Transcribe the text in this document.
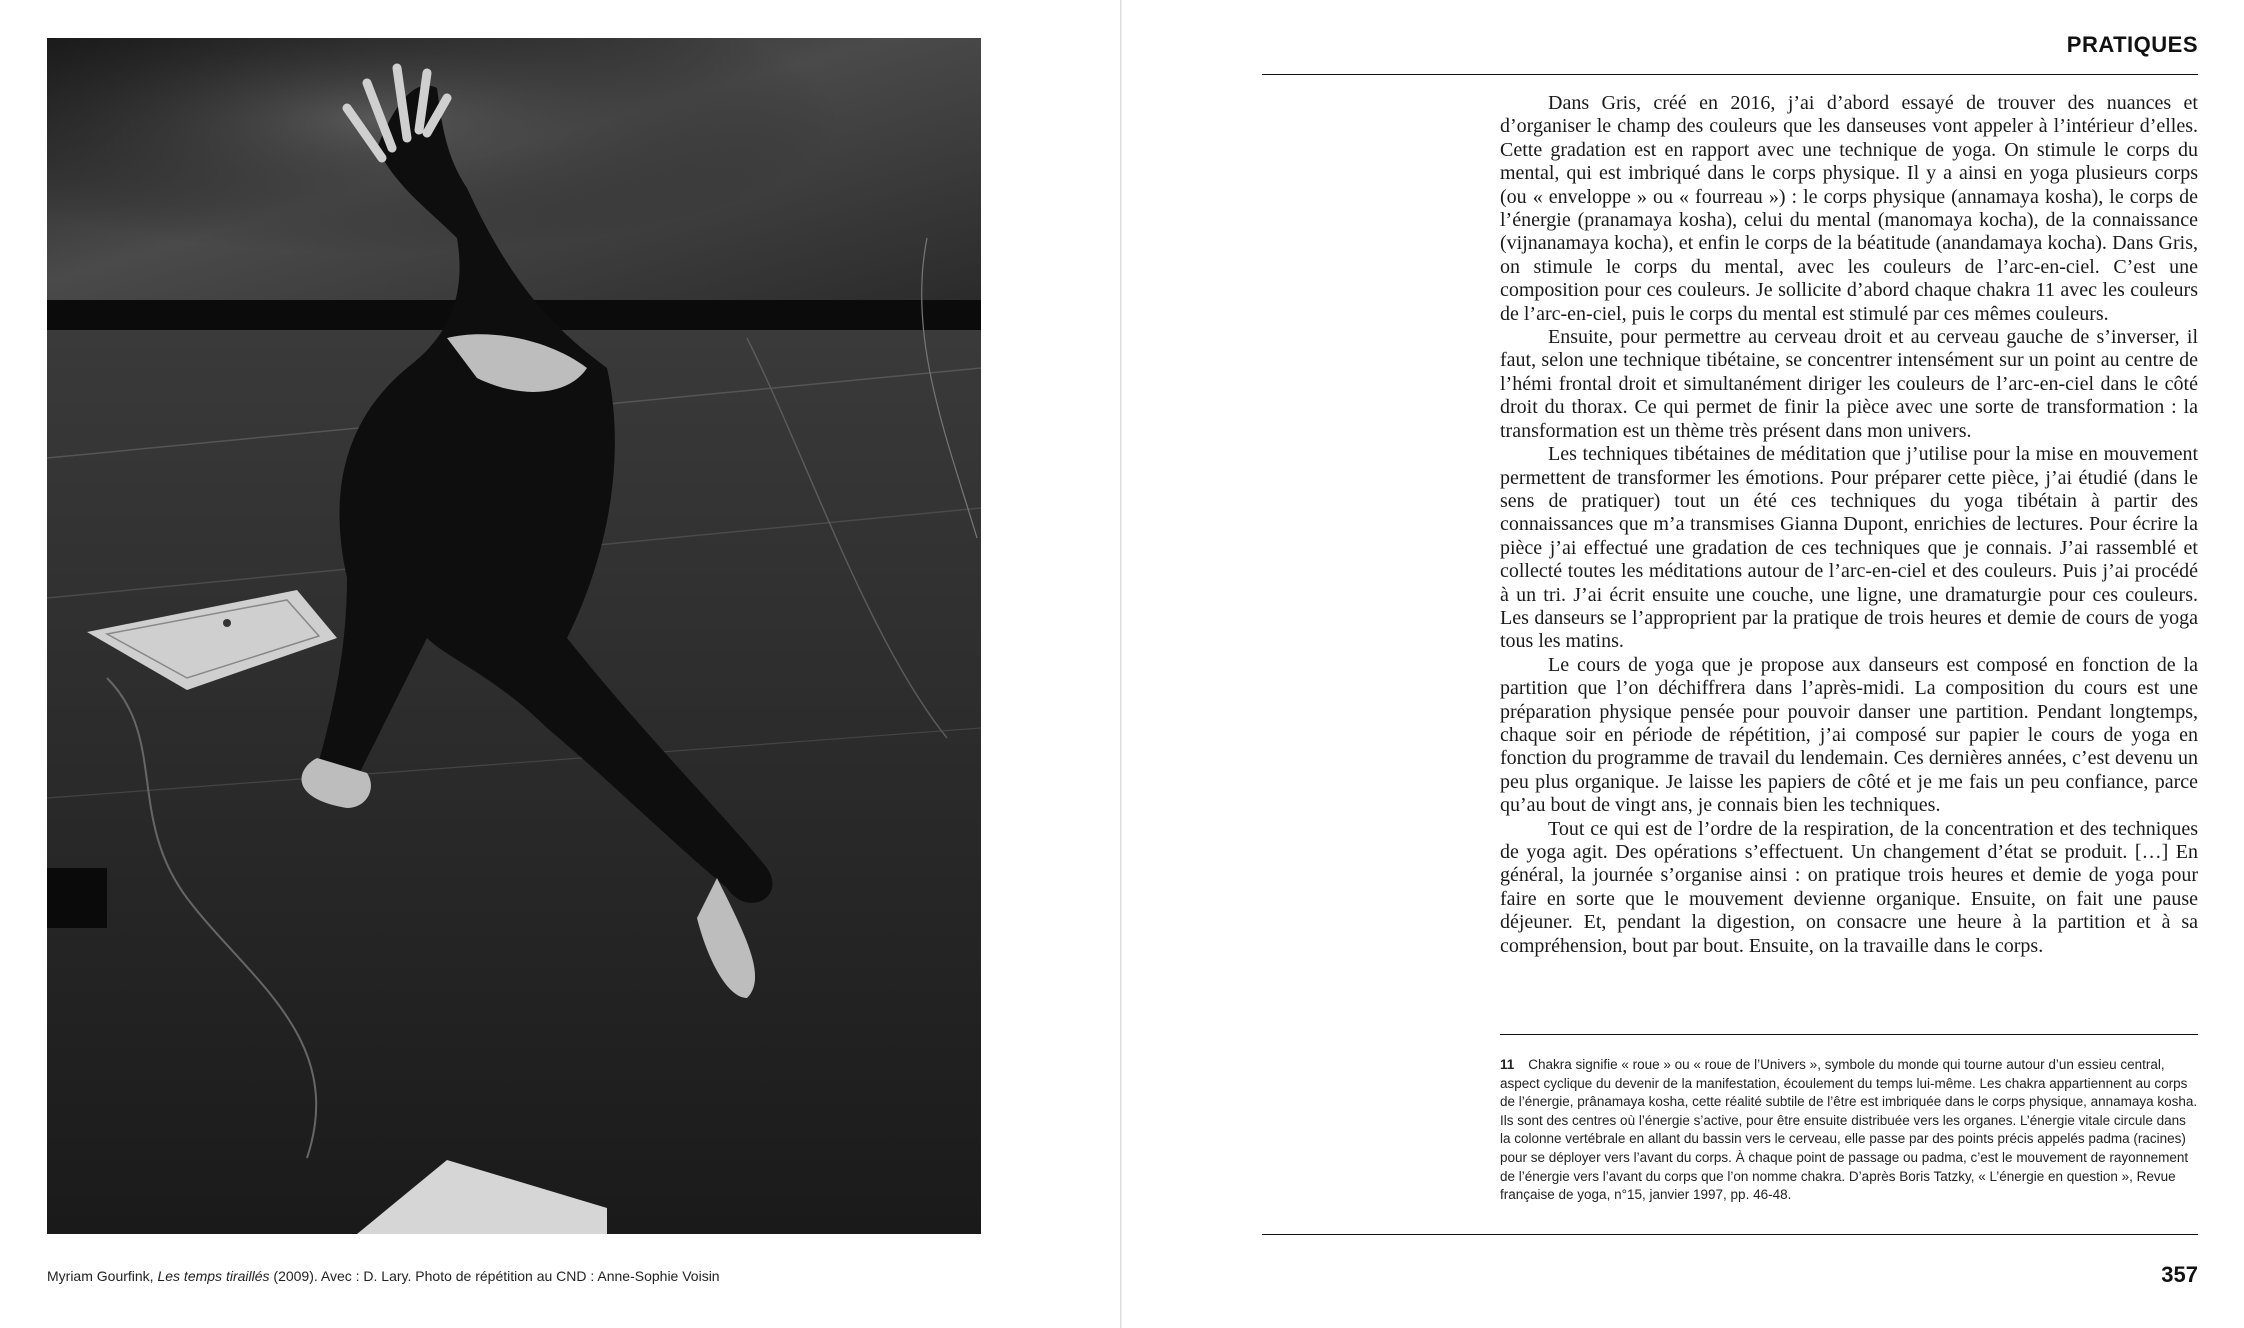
Myriam Gourfink, Les temps tiraillés (2009). Avec : D. Lary. Photo de répétition au CND : Anne-Sophie Voisin
PRATIQUES

Dans Gris, créé en 2016, j’ai d’abord essayé de trouver des nuances et d’organiser le champ des couleurs que les danseuses vont appeler à l’intérieur d’elles. Cette gradation est en rapport avec une technique de yoga. On stimule le corps du mental, qui est imbriqué dans le corps physique. Il y a ainsi en yoga plusieurs corps (ou « enveloppe » ou « fourreau ») : le corps physique (annamaya kosha), le corps de l’énergie (pranamaya kosha), celui du mental (manomaya kocha), de la connaissance (vijnanamaya kocha), et enfin le corps de la béatitude (anandamaya kocha). Dans Gris, on stimule le corps du mental, avec les couleurs de l’arc-en-ciel. C’est une composition pour ces couleurs. Je sollicite d’abord chaque chakra 11 avec les couleurs de l’arc-en-ciel, puis le corps du mental est stimulé par ces mêmes couleurs.

Ensuite, pour permettre au cerveau droit et au cerveau gauche de s’inverser, il faut, selon une technique tibétaine, se concentrer intensément sur un point au centre de l’hémi frontal droit et simultanément diriger les couleurs de l’arc-en-ciel dans le côté droit du thorax. Ce qui permet de finir la pièce avec une sorte de transformation : la transformation est un thème très présent dans mon univers.

Les techniques tibétaines de méditation que j’utilise pour la mise en mouvement permettent de transformer les émotions. Pour préparer cette pièce, j’ai étudié (dans le sens de pratiquer) tout un été ces techniques du yoga tibétain à partir des connaissances que m’a transmises Gianna Dupont, enrichies de lectures. Pour écrire la pièce j’ai effectué une gradation de ces techniques que je connais. J’ai rassemblé et collecté toutes les méditations autour de l’arc-en-ciel et des couleurs. Puis j’ai procédé à un tri. J’ai écrit ensuite une couche, une ligne, une dramaturgie pour ces couleurs. Les danseurs se l’approprient par la pratique de trois heures et demie de cours de yoga tous les matins.

Le cours de yoga que je propose aux danseurs est composé en fonction de la partition que l’on déchiffrera dans l’après-midi. La composition du cours est une préparation physique pensée pour pouvoir danser une partition. Pendant longtemps, chaque soir en période de répétition, j’ai composé sur papier le cours de yoga en fonction du programme de travail du lendemain. Ces dernières années, c’est devenu un peu plus organique. Je laisse les papiers de côté et je me fais un peu confiance, parce qu’au bout de vingt ans, je connais bien les techniques.

Tout ce qui est de l’ordre de la respiration, de la concentration et des techniques de yoga agit. Des opérations s’effectuent. Un changement d’état se produit. […] En général, la journée s’organise ainsi : on pratique trois heures et demie de yoga pour faire en sorte que le mouvement devienne organique. Ensuite, on fait une pause déjeuner. Et, pendant la digestion, on consacre une heure à la partition et à sa compréhension, bout par bout. Ensuite, on la travaille dans le corps.

11 Chakra signifie « roue » ou « roue de l’Univers », symbole du monde qui tourne autour d’un essieu central, aspect cyclique du devenir de la manifestation, écoulement du temps lui-même. Les chakra appartiennent au corps de l’énergie, prânamaya kosha, cette réalité subtile de l’être est imbriquée dans le corps physique, annamaya kosha. Ils sont des centres où l’énergie s’active, pour être ensuite distribuée vers les organes. L’énergie vitale circule dans la colonne vertébrale en allant du bassin vers le cerveau, elle passe par des points précis appelés padma (racines) pour se déployer vers l’avant du corps. À chaque point de passage ou padma, c’est le mouvement de rayonnement de l’énergie vers l’avant du corps que l’on nomme chakra. D’après Boris Tatzky, « L’énergie en question », Revue française de yoga, n°15, janvier 1997, pp. 46-48.
357
